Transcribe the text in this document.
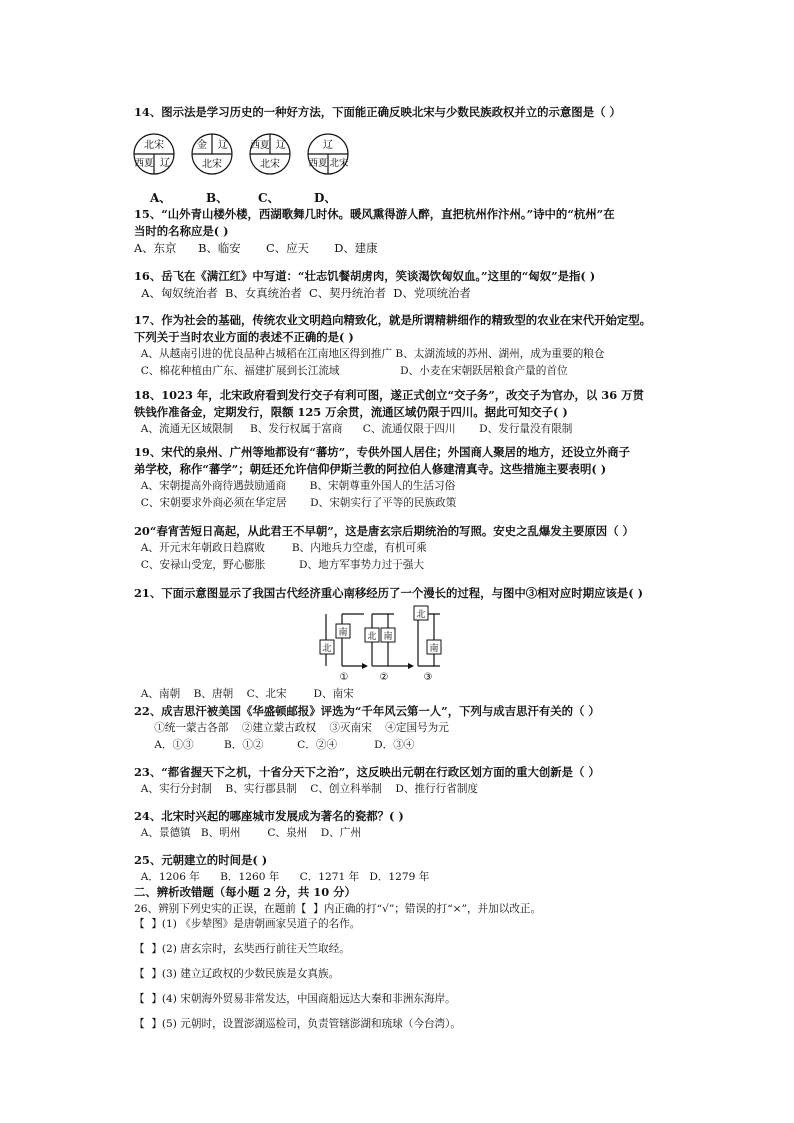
14、图示法是学习历史的一种好方法，下面能正确反映北宋与少数民族政权并立的示意图是（ ）
北宋
西夏 辽
金 辽
北宋
西夏 辽
北宋
辽
西夏 北宋
A、	B、 C、	D、
15、“山外青山楼外楼，西湖歌舞几时休。暖风熏得游人醉，直把杭州作汴州。”诗中的“杭州”在
当时的名称应是( )
A、东京      B、临安       C、应天       D、建康
16、岳飞在《满江红》中写道：“壮志饥餐胡虏肉，笑谈渴饮匈奴血。”这里的“匈奴”是指( )
A、匈奴统治者  B、女真统治者  C、契丹统治者  D、党项统治者
17、作为社会的基础，传统农业文明趋向精致化，就是所谓精耕细作的精致型的农业在宋代开始定型。
下列关于当时农业方面的表述不正确的是( )
A、从越南引进的优良品种占城稻在江南地区得到推广 B、太湖流域的苏州、湖州，成为重要的粮仓
C、棉花种植由广东、福建扩展到长江流域                  D、小麦在宋朝跃居粮食产量的首位
18、1023 年，北宋政府看到发行交子有利可图，遂正式创立“交子务”，改交子为官办，以 36 万贯
铁钱作准备金，定期发行，限额 125 万余贯，流通区域仍限于四川。据此可知交子( )
A、流通无区域限制     B、发行权属于富商      C、流通仅限于四川       D、发行量没有限制
19、宋代的泉州、广州等地都设有“蕃坊”，专供外国人居住；外国商人聚居的地方，还设立外商子
弟学校，称作“蕃学”；朝廷还允许信仰伊斯兰教的阿拉伯人修建清真寺。这些措施主要表明( )
A、宋朝提高外商待遇鼓励通商       B、宋朝尊重外国人的生活习俗
C、宋朝要求外商必须在华定居       D、宋朝实行了平等的民族政策
20“春宵苦短日高起，从此君王不早朝”，这是唐玄宗后期统治的写照。安史之乱爆发主要原因（ ）
A、开元末年朝政日趋腐败        B、内地兵力空虚，有机可乘
C、安禄山受宠，野心膨胀          D、地方军事势力过于强大
21、下面示意图显示了我国古代经济重心南移经历了一个漫长的过程，与图中③相对应时期应该是( )
北
南 北 南
北
南
①	②	③
A、南朝    B、唐朝    C、北宋        D、南宋
22、成吉思汗被美国《华盛顿邮报》评选为“千年风云第一人”，下列与成吉思汗有关的（ ）
①统一蒙古各部    ②建立蒙古政权    ③灭南宋    ④定国号为元
A．①③         B．①②          C．②④           D．③④
23、“都省握天下之机，十省分天下之治”，这反映出元朝在行政区划方面的重大创新是（ ）
A、实行分封制    B、实行郡县制    C、创立科举制    D、推行行省制度
24、北宋时兴起的哪座城市发展成为著名的瓷都？( )
A、景德镇   B、明州        C、泉州    D、广州
25、元朝建立的时间是( )
A．1206 年      B．1260 年      C．1271 年   D．1279 年
二、辨析改错题（每小题 2 分，共 10 分）
26、辨别下列史实的正误，在题前【  】内正确的打“√”；错误的打“×”，并加以改正。
【  】(1) 《步辇图》是唐朝画家吴道子的名作。
【  】(2) 唐玄宗时，玄奘西行前往天竺取经。
【  】(3) 建立辽政权的少数民族是女真族。
【  】(4) 宋朝海外贸易非常发达，中国商船远达大秦和非洲东海岸。
【  】(5) 元朝时，设置澎湖巡检司，负责管辖澎湖和琉球（今台湾）。
